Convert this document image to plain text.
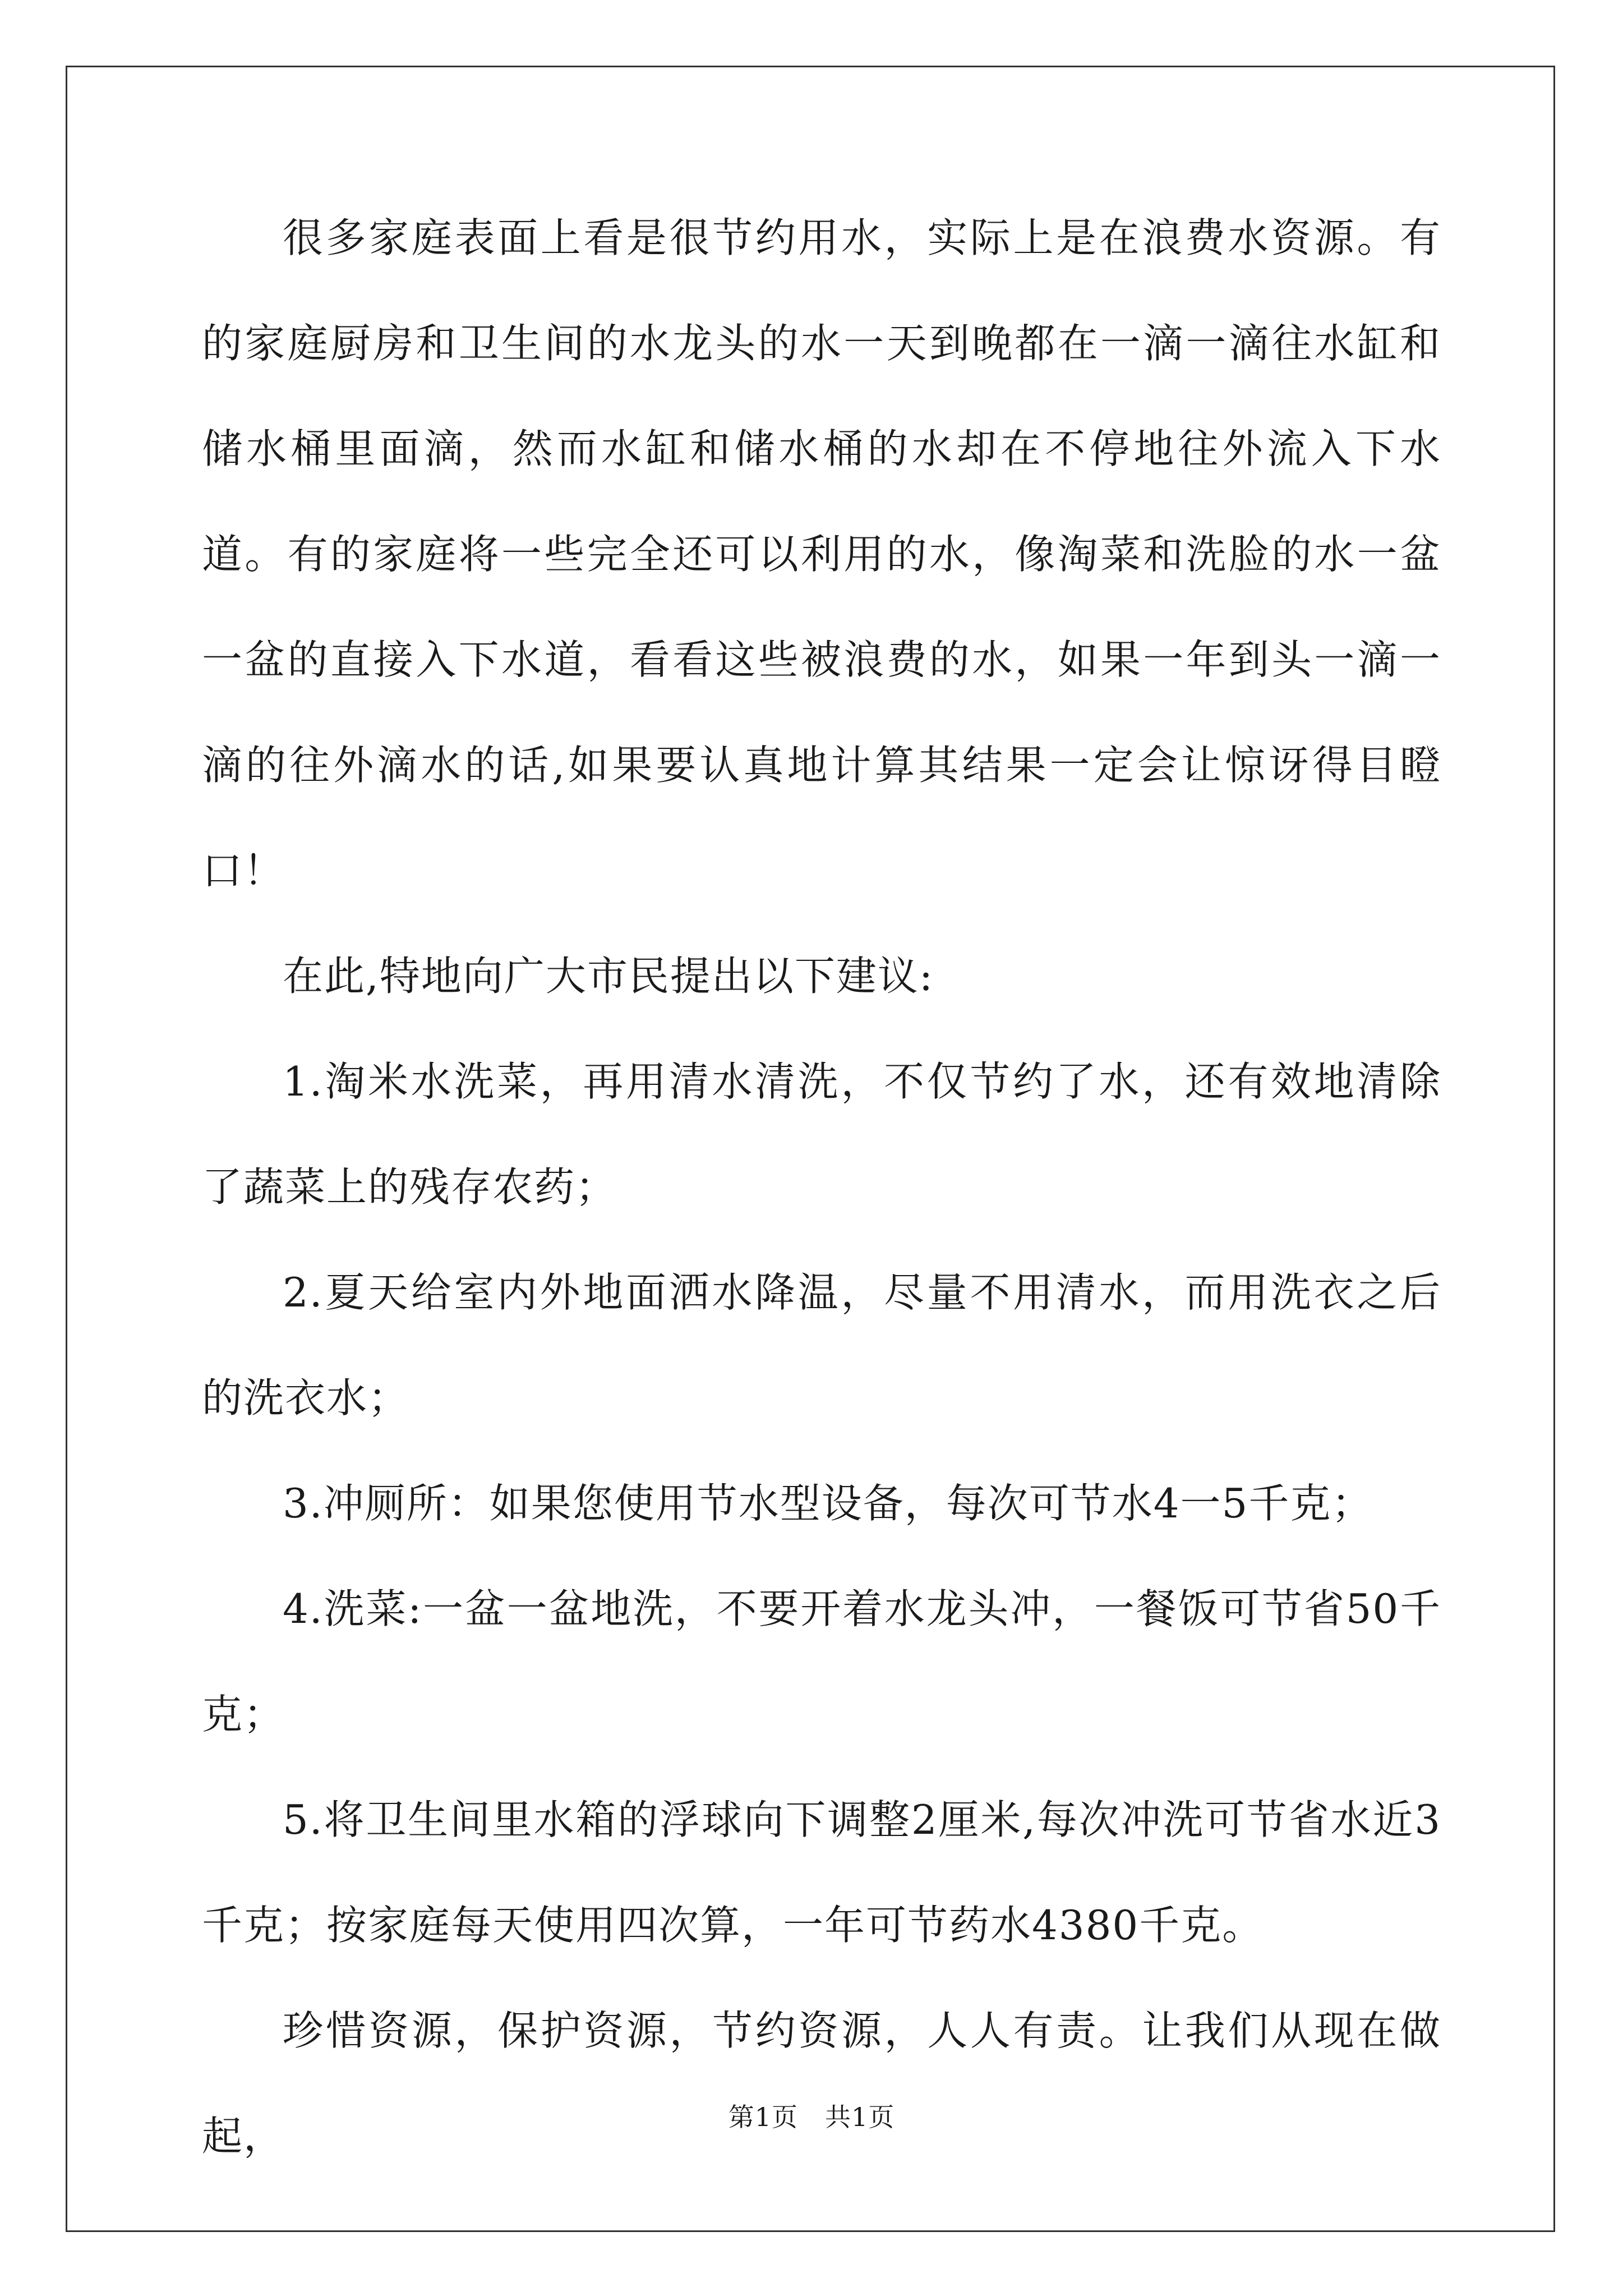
很多家庭表面上看是很节约用水，实际上是在浪费水资源。有的家庭厨房和卫生间的水龙头的水一天到晚都在一滴一滴往水缸和储水桶里面滴，然而水缸和储水桶的水却在不停地往外流入下水道。有的家庭将一些完全还可以利用的水，像淘菜和洗脸的水一盆一盆的直接入下水道，看看这些被浪费的水，如果一年到头一滴一滴的往外滴水的话,如果要认真地计算其结果一定会让惊讶得目瞪口！

在此,特地向广大市民提出以下建议:

1.淘米水洗菜，再用清水清洗，不仅节约了水，还有效地清除了蔬菜上的残存农药；

2.夏天给室内外地面洒水降温，尽量不用清水，而用洗衣之后的洗衣水；

3.冲厕所：如果您使用节水型设备，每次可节水4一5千克；

4.洗菜:一盆一盆地洗，不要开着水龙头冲，一餐饭可节省50千克；

5.将卫生间里水箱的浮球向下调整2厘米,每次冲洗可节省水近3千克；按家庭每天使用四次算，一年可节药水4380千克。

珍惜资源，保护资源，节约资源，人人有责。让我们从现在做起，	第1页 共1页
